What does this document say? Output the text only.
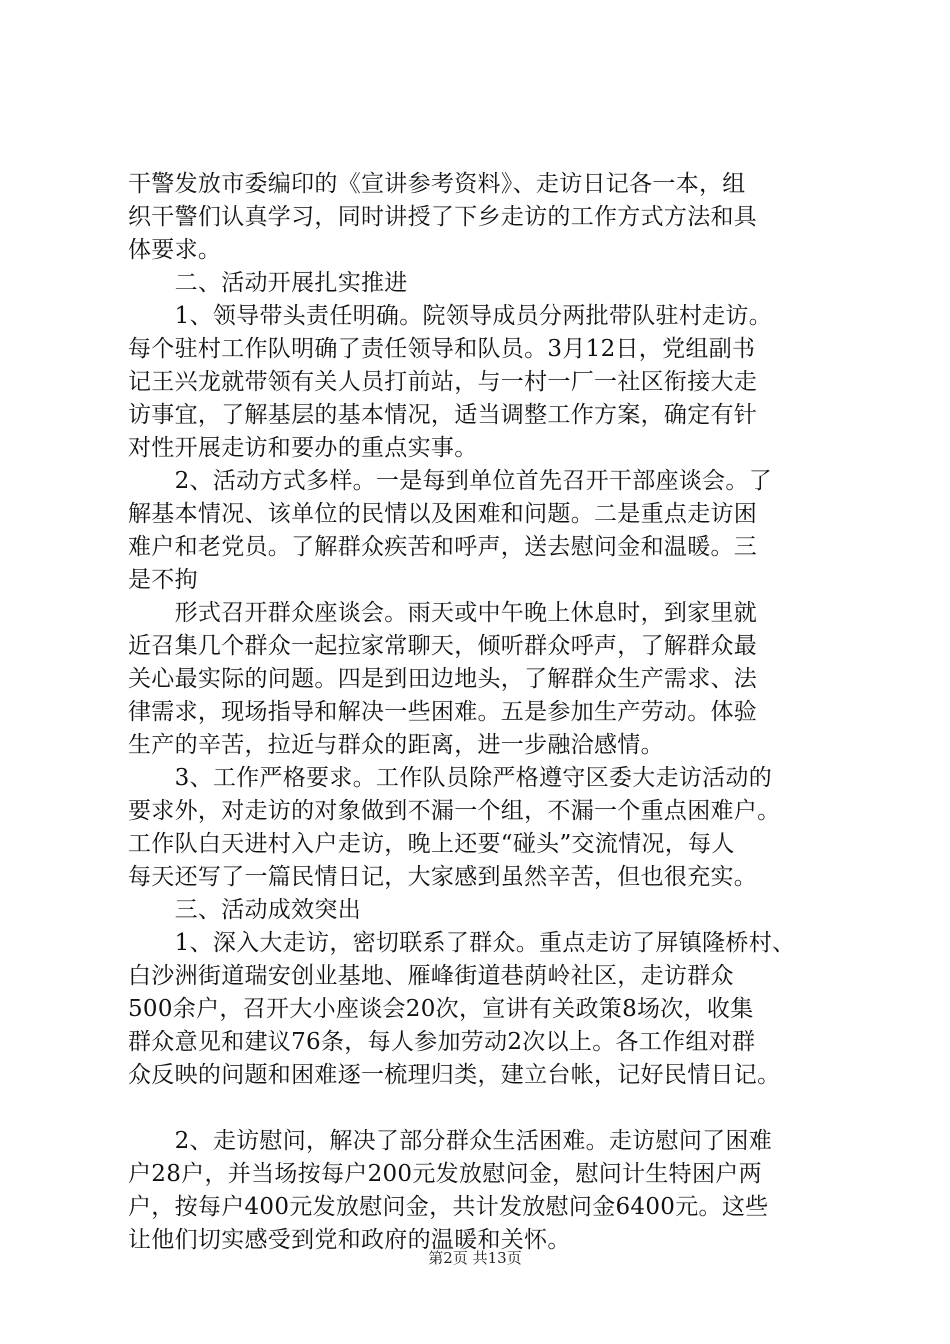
干警发放市委编印的《宣讲参考资料》、走访日记各一本，组

织干警们认真学习，同时讲授了下乡走访的工作方式方法和具

体要求。

　　二、活动开展扎实推进

　　1、领导带头责任明确。院领导成员分两批带队驻村走访。

每个驻村工作队明确了责任领导和队员。3月12日，党组副书

记王兴龙就带领有关人员打前站，与一村一厂一社区衔接大走

访事宜，了解基层的基本情况，适当调整工作方案，确定有针

对性开展走访和要办的重点实事。

　　2、活动方式多样。一是每到单位首先召开干部座谈会。了

解基本情况、该单位的民情以及困难和问题。二是重点走访困

难户和老党员。了解群众疾苦和呼声，送去慰问金和温暖。三

是不拘

　　形式召开群众座谈会。雨天或中午晚上休息时，到家里就

近召集几个群众一起拉家常聊天，倾听群众呼声，了解群众最

关心最实际的问题。四是到田边地头，了解群众生产需求、法

律需求，现场指导和解决一些困难。五是参加生产劳动。体验

生产的辛苦，拉近与群众的距离，进一步融洽感情。

　　3、工作严格要求。工作队员除严格遵守区委大走访活动的

要求外，对走访的对象做到不漏一个组，不漏一个重点困难户。

工作队白天进村入户走访，晚上还要“碰头”交流情况，每人

每天还写了一篇民情日记，大家感到虽然辛苦，但也很充实。

　　三、活动成效突出

　　1、深入大走访，密切联系了群众。重点走访了屏镇隆桥村、

白沙洲街道瑞安创业基地、雁峰街道巷荫岭社区，走访群众

500余户，召开大小座谈会20次，宣讲有关政策8场次，收集

群众意见和建议76条，每人参加劳动2次以上。各工作组对群

众反映的问题和困难逐一梳理归类，建立台帐，记好民情日记。

　　2、走访慰问，解决了部分群众生活困难。走访慰问了困难

户28户，并当场按每户200元发放慰问金，慰问计生特困户两

户，按每户400元发放慰问金，共计发放慰问金6400元。这些

让他们切实感受到党和政府的温暖和关怀。

第2页 共13页
